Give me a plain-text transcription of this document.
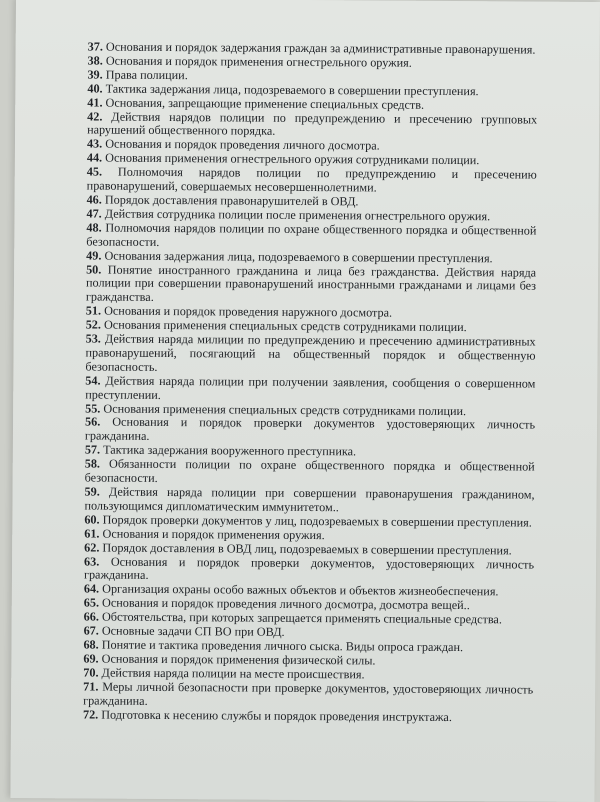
37. Основания и порядок задержания граждан за административные правонарушения.

38. Основания и порядок применения огнестрельного оружия.

39. Права полиции.

40. Тактика задержания лица, подозреваемого в совершении преступления.

41. Основания, запрещающие применение специальных средств.

42. Действия нарядов полиции по предупреждению и пресечению групповых нарушений общественного порядка.

43. Основания и порядок проведения личного досмотра.

44. Основания применения огнестрельного оружия сотрудниками полиции.

45. Полномочия нарядов полиции по предупреждению и пресечению правонарушений, совершаемых несовершеннолетними.

46. Порядок доставления правонарушителей в ОВД.

47. Действия сотрудника полиции после применения огнестрельного оружия.

48. Полномочия нарядов полиции по охране общественного порядка и общественной безопасности.

49. Основания задержания лица, подозреваемого в совершении преступления.

50. Понятие иностранного гражданина и лица без гражданства. Действия наряда полиции при совершении правонарушений иностранными гражданами и лицами без гражданства.

51. Основания и порядок проведения наружного досмотра.

52. Основания применения специальных средств сотрудниками полиции.

53. Действия наряда милиции по предупреждению и пресечению административных правонарушений, посягающий на общественный порядок и общественную безопасность.

54. Действия наряда полиции при получении заявления, сообщения о совершенном преступлении.

55. Основания применения специальных средств сотрудниками полиции.

56. Основания и порядок проверки документов удостоверяющих личность гражданина.

57. Тактика задержания вооруженного преступника.

58. Обязанности полиции по охране общественного порядка и общественной безопасности.

59. Действия наряда полиции при совершении правонарушения гражданином, пользующимся дипломатическим иммунитетом..

60. Порядок проверки документов у лиц, подозреваемых в совершении преступления.

61. Основания и порядок применения оружия.

62. Порядок доставления в ОВД лиц, подозреваемых в совершении преступления.

63. Основания и порядок проверки документов, удостоверяющих личность гражданина.

64. Организация охраны особо важных объектов и объектов жизнеобеспечения.

65. Основания и порядок проведения личного досмотра, досмотра вещей..

66. Обстоятельства, при которых запрещается применять специальные средства.

67. Основные задачи СП ВО при ОВД.

68. Понятие и тактика проведения личного сыска. Виды опроса граждан.

69. Основания и порядок применения физической силы.

70. Действия наряда полиции на месте происшествия.

71. Меры личной безопасности при проверке документов, удостоверяющих личность гражданина.

72. Подготовка к несению службы и порядок проведения инструктажа.
